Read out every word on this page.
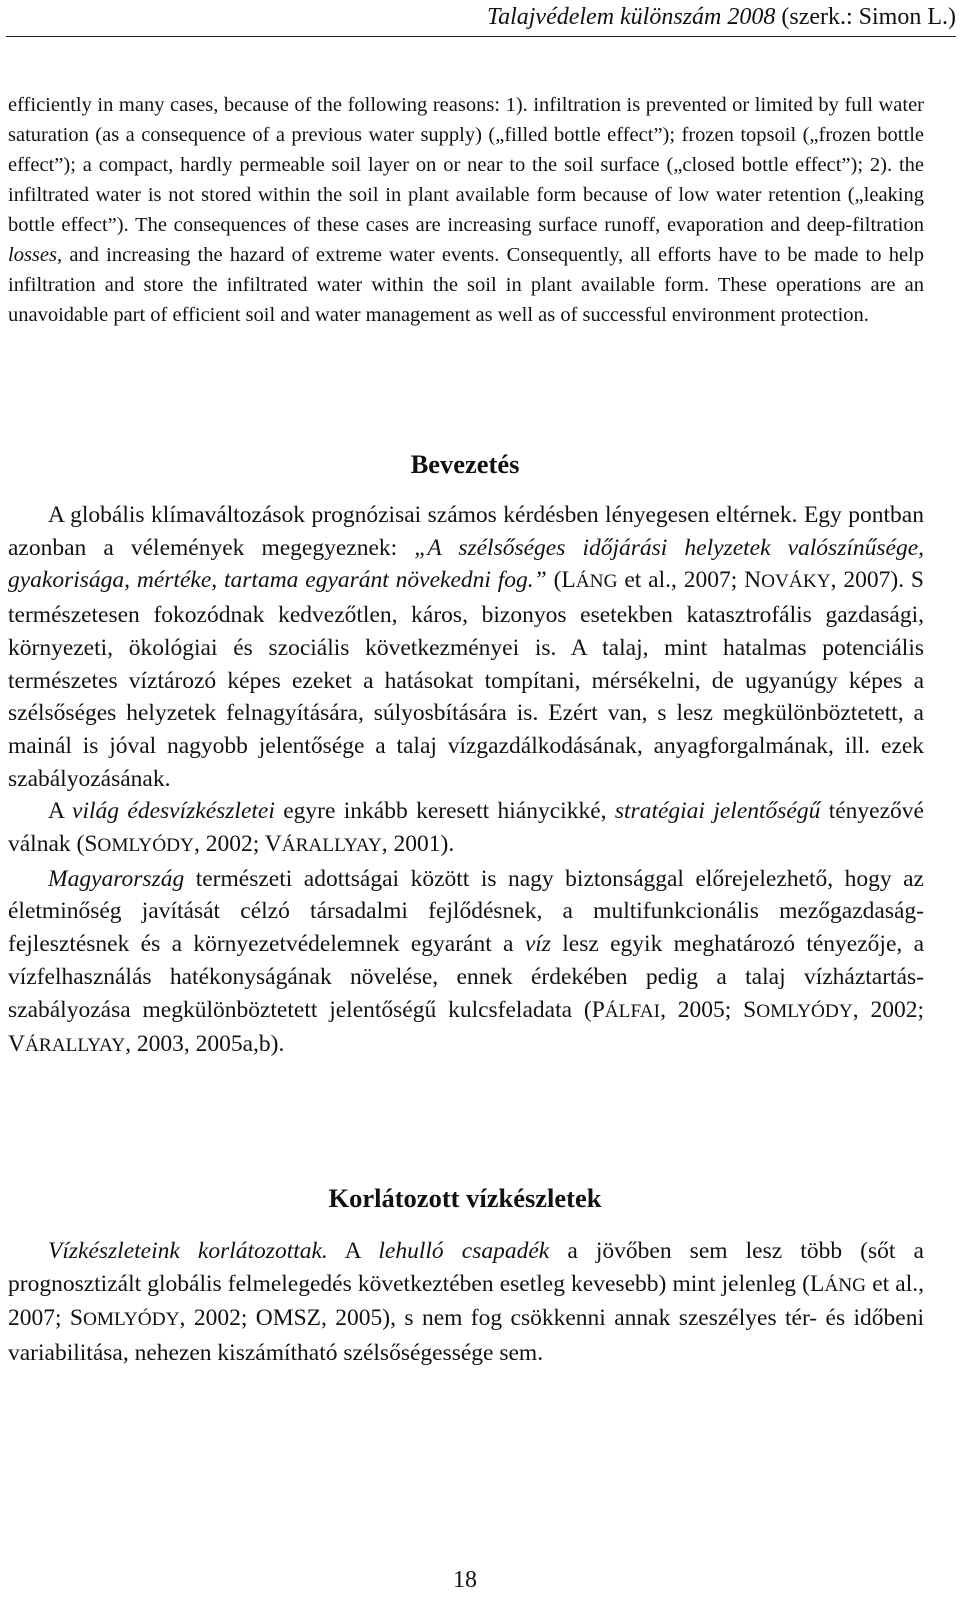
Talajvédelem különszám 2008 (szerk.: Simon L.)

efficiently in many cases, because of the following reasons: 1). infiltration is prevented or limited by full water saturation (as a consequence of a previous water supply) („filled bottle effect”); frozen topsoil („frozen bottle effect”); a compact, hardly permeable soil layer on or near to the soil surface („closed bottle effect”); 2). the infiltrated water is not stored within the soil in plant available form because of low water retention („leaking bottle effect”). The consequences of these cases are increasing surface runoff, evaporation and deep-filtration losses, and increasing the hazard of extreme water events. Consequently, all efforts have to be made to help infiltration and store the infiltrated water within the soil in plant available form. These operations are an unavoidable part of efficient soil and water management as well as of successful environment protection.

Bevezetés

A globális klímaváltozások prognózisai számos kérdésben lényegesen eltérnek. Egy pontban azonban a vélemények megegyeznek: „A szélsőséges időjárási helyzetek valószínűsége, gyakorisága, mértéke, tartama egyaránt növekedni fog.” (LÁNG et al., 2007; NOVÁKY, 2007). S természetesen fokozódnak kedvezőtlen, káros, bizonyos esetekben katasztrofális gazdasági, környezeti, ökológiai és szociális következményei is. A talaj, mint hatalmas potenciális természetes víztározó képes ezeket a hatásokat tompítani, mérsékelni, de ugyanúgy képes a szélsőséges helyzetek felnagyítására, súlyosbítására is. Ezért van, s lesz megkülönböztetett, a mainál is jóval nagyobb jelentősége a talaj vízgazdálkodásának, anyagforgalmának, ill. ezek szabályozásának.

A világ édesvízkészletei egyre inkább keresett hiánycikké, stratégiai jelentőségű tényezővé válnak (SOMLYÓDY, 2002; VÁRALLYAY, 2001).

Magyarország természeti adottságai között is nagy biztonsággal előrejelezhető, hogy az életminőség javítását célzó társadalmi fejlődésnek, a multifunkcionális mezőgazdaság-fejlesztésnek és a környezetvédelemnek egyaránt a víz lesz egyik meghatározó tényezője, a vízfelhasználás hatékonyságának növelése, ennek érdekében pedig a talaj vízháztartás-szabályozása megkülönböztetett jelentőségű kulcsfeladata (PÁLFAI, 2005; SOMLYÓDY, 2002; VÁRALLYAY, 2003, 2005a,b).

Korlátozott vízkészletek

Vízkészleteink korlátozottak. A lehulló csapadék a jövőben sem lesz több (sőt a prognosztizált globális felmelegedés következtében esetleg kevesebb) mint jelenleg (LÁNG et al., 2007; SOMLYÓDY, 2002; OMSZ, 2005), s nem fog csökkenni annak szeszélyes tér- és időbeni variabilitása, nehezen kiszámítható szélsőségessége sem.

18
